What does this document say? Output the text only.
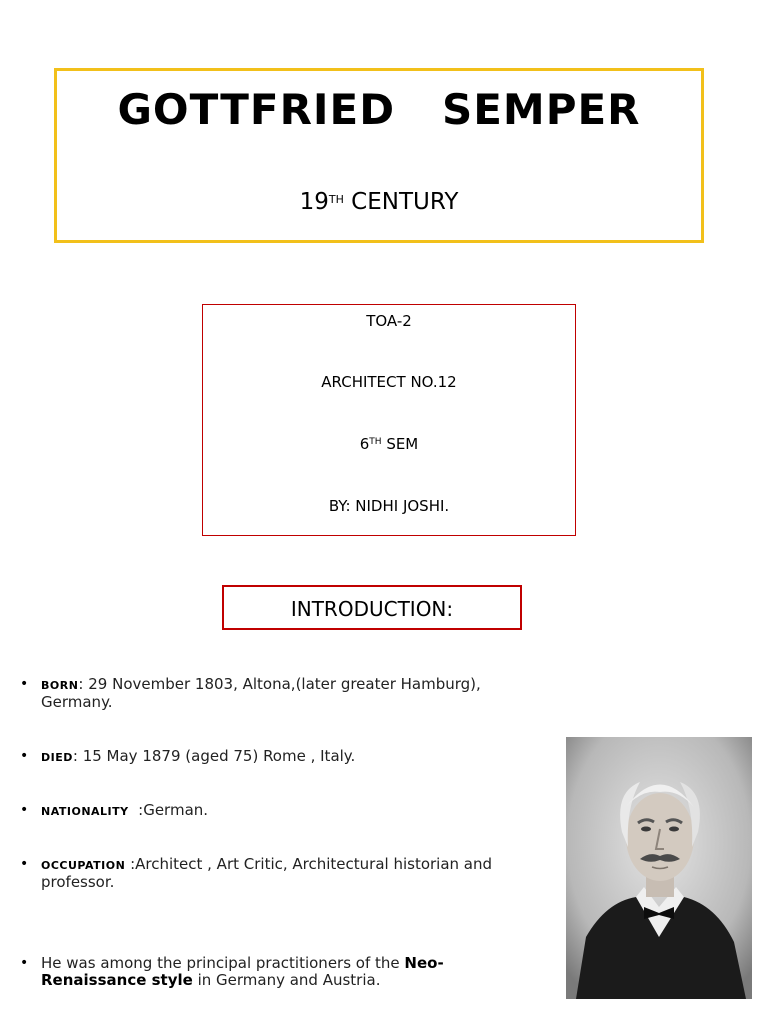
GOTTFRIED   SEMPER
19TH CENTURY
TOA-2
ARCHITECT NO.12
6TH SEM
BY: NIDHI JOSHI.
INTRODUCTION:
• BORN: 29 November 1803, Altona,(later greater Hamburg), Germany.
• DIED: 15 May 1879 (aged 75) Rome , Italy.
• NATIONALITY  :German.
• OCCUPATION :Architect , Art Critic, Architectural historian and professor.
• He was among the principal practitioners of the Neo-Renaissance style in Germany and Austria.
